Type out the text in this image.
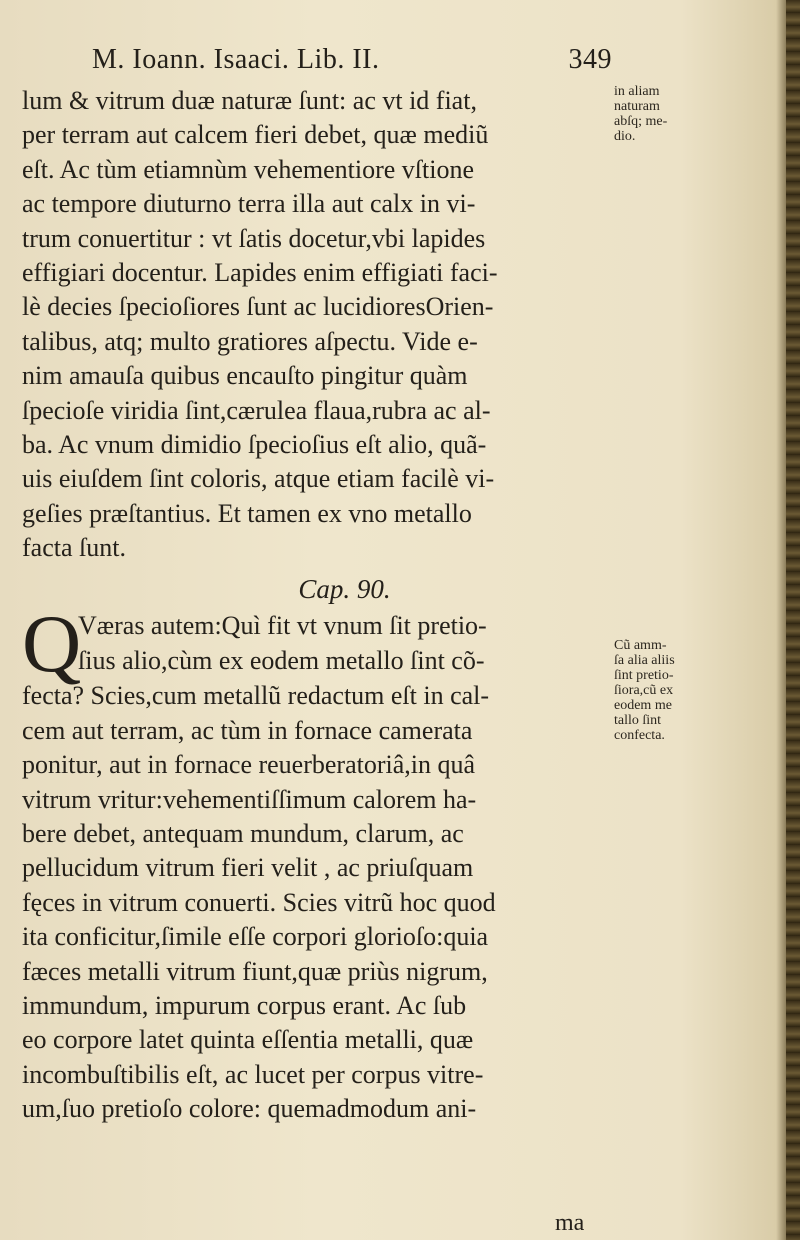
M. Ioann. Isaaci. Lib. II.	349
lum & vitrum duæ naturæ ſunt: ac vt id fiat,
per terram aut calcem fieri debet, quæ mediũ
eſt. Ac tùm etiamnùm vehementiore vſtione
ac tempore diuturno terra illa aut calx in vi-
trum conuertitur : vt ſatis docetur,vbi lapides
effigiari docentur. Lapides enim effigiati faci-
lè decies ſpecioſiores ſunt ac lucidioresOrien-
talibus, atq; multo gratiores aſpectu. Vide e-
nim amauſa quibus encauſto pingitur quàm
ſpecioſe viridia ſint,cærulea flaua,rubra ac al-
ba. Ac vnum dimidio ſpecioſius eſt alio, quã-
uis eiuſdem ſint coloris, atque etiam facilè vi-
geſies præſtantius. Et tamen ex vno metallo
facta ſunt.
Cap. 90.
Q
Væras autem:Quì fit vt vnum ſit pretio-
ſius alio,cùm ex eodem metallo ſint cõ-
fecta? Scies,cum metallũ redactum eſt in cal-
cem aut terram, ac tùm in fornace camerata
ponitur, aut in fornace reuerberatoriâ,in quâ
vitrum vritur:vehementiſſimum calorem ha-
bere debet, antequam mundum, clarum, ac
pellucidum vitrum fieri velit , ac priuſquam
fęces in vitrum conuerti. Scies vitrũ hoc quod
ita conficitur,ſimile eſſe corpori glorioſo:quia
fæces metalli vitrum fiunt,quæ priùs nigrum,
immundum, impurum corpus erant. Ac ſub
eo corpore latet quinta eſſentia metalli, quæ
incombuſtibilis eſt, ac lucet per corpus vitre-
um,ſuo pretioſo colore: quemadmodum ani-
in aliam
naturam
abſq; me-
dio.
Cũ amm-
ſa alia aliis
ſint pretio-
ſiora,cũ ex
eodem me
tallo ſint
confecta.
ma
